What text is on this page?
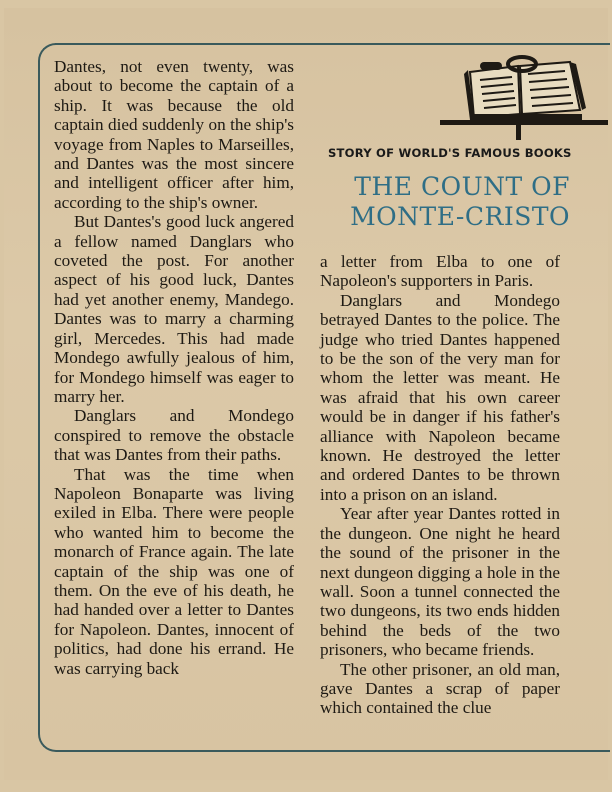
STORY OF WORLD'S FAMOUS BOOKS
THE COUNT OF
MONTE-CRISTO

Dantes, not even twenty, was about to become the captain of a ship. It was because the old captain died suddenly on the ship's voyage from Naples to Marseilles, and Dantes was the most sincere and intelligent officer after him, according to the ship's owner.

But Dantes's good luck angered a fellow named Danglars who coveted the post. For another aspect of his good luck, Dantes had yet another enemy, Mandego. Dantes was to marry a charming girl, Mercedes. This had made Mondego awfully jealous of him, for Mondego himself was eager to marry her.

Danglars and Mondego conspired to remove the obstacle that was Dantes from their paths.

That was the time when Napoleon Bonaparte was living exiled in Elba. There were people who wanted him to become the monarch of France again. The late captain of the ship was one of them. On the eve of his death, he had handed over a letter to Dantes for Napoleon. Dantes, innocent of politics, had done his errand. He was carrying back

a letter from Elba to one of Napoleon's supporters in Paris.

Danglars and Mondego betrayed Dantes to the police. The judge who tried Dantes happened to be the son of the very man for whom the letter was meant. He was afraid that his own career would be in danger if his father's alliance with Napoleon became known. He destroyed the letter and ordered Dantes to be thrown into a prison on an island.

Year after year Dantes rotted in the dungeon. One night he heard the sound of the prisoner in the next dungeon digging a hole in the wall. Soon a tunnel connected the two dungeons, its two ends hidden behind the beds of the two prisoners, who became friends.

The other prisoner, an old man, gave Dantes a scrap of paper which contained the clue
